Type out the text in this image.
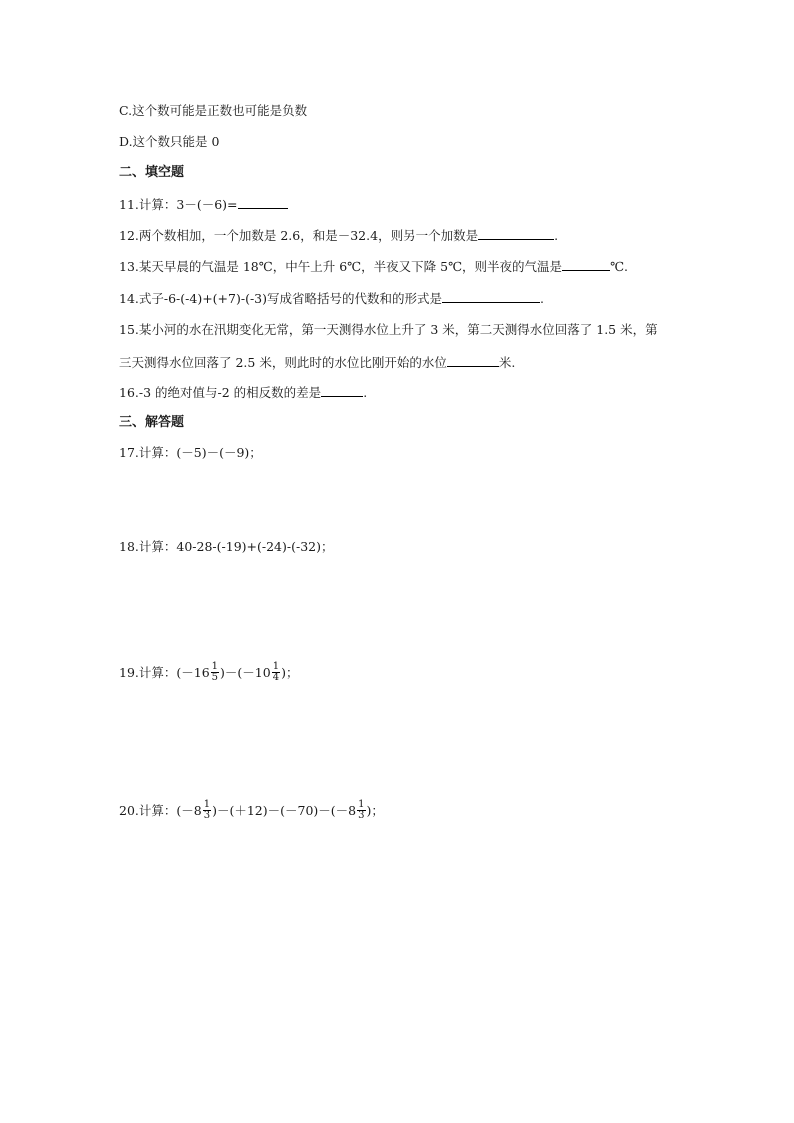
C.这个数可能是正数也可能是负数
D.这个数只能是 0
二、填空题
11.计算：3－(－6)=
12.两个数相加，一个加数是 2.6，和是－32.4，则另一个加数是	.
13.某天早晨的气温是 18℃，中午上升 6℃，半夜又下降 5℃，则半夜的气温是	℃.
14.式子-6-(-4)+(+7)-(-3)写成省略括号的代数和的形式是	.
15.某小河的水在汛期变化无常，第一天测得水位上升了 3 米，第二天测得水位回落了 1.5 米，第
三天测得水位回落了 2.5 米，则此时的水位比刚开始的水位	米.
16.-3 的绝对值与-2 的相反数的差是	.
三、解答题
17.计算：(－5)－(－9)；
18.计算：40-28-(-19)+(-24)-(-32)；
19.计算：$(-16 \frac{1}{5} )-(-10 \frac{1}{4}$ )；
20.计算：$(-8 \frac{1}{3} )-(+12)-(-70)-(-8 \frac{1}{3}$ )；
